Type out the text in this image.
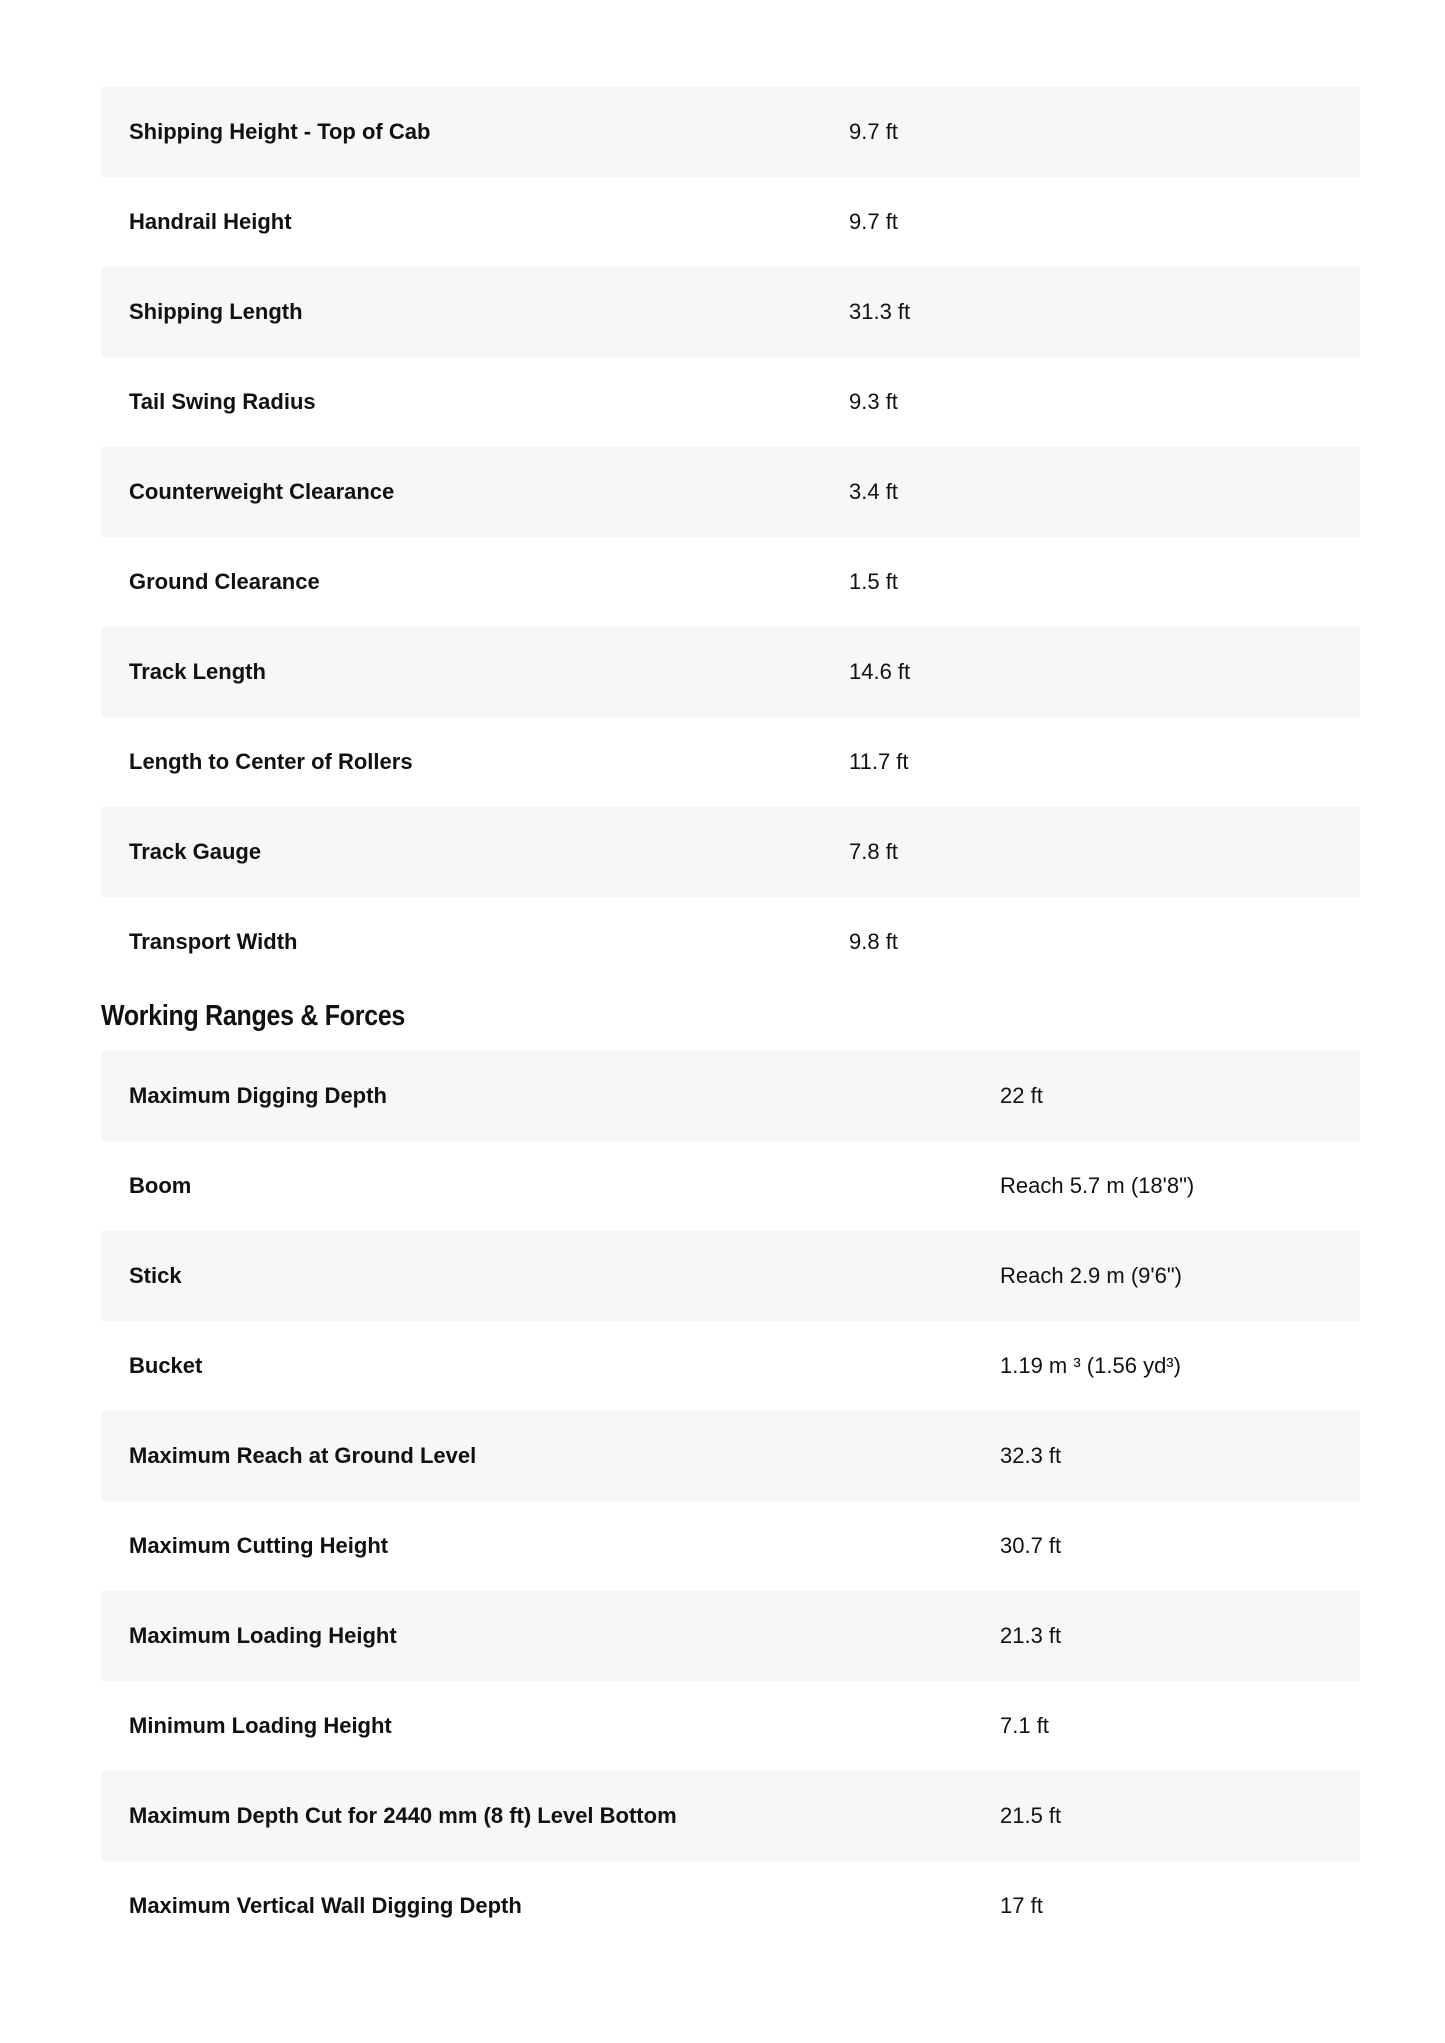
Shipping Height - Top of Cab	9.7 ft
Handrail Height	9.7 ft
Shipping Length	31.3 ft
Tail Swing Radius	9.3 ft
Counterweight Clearance	3.4 ft
Ground Clearance	1.5 ft
Track Length	14.6 ft
Length to Center of Rollers	11.7 ft
Track Gauge	7.8 ft
Transport Width	9.8 ft
Working Ranges & Forces
Maximum Digging Depth	22 ft
Boom	Reach 5.7 m (18'8")
Stick	Reach 2.9 m (9'6")
Bucket	1.19 m ³ (1.56 yd³)
Maximum Reach at Ground Level	32.3 ft
Maximum Cutting Height	30.7 ft
Maximum Loading Height	21.3 ft
Minimum Loading Height	7.1 ft
Maximum Depth Cut for 2440 mm (8 ft) Level Bottom	21.5 ft
Maximum Vertical Wall Digging Depth	17 ft
